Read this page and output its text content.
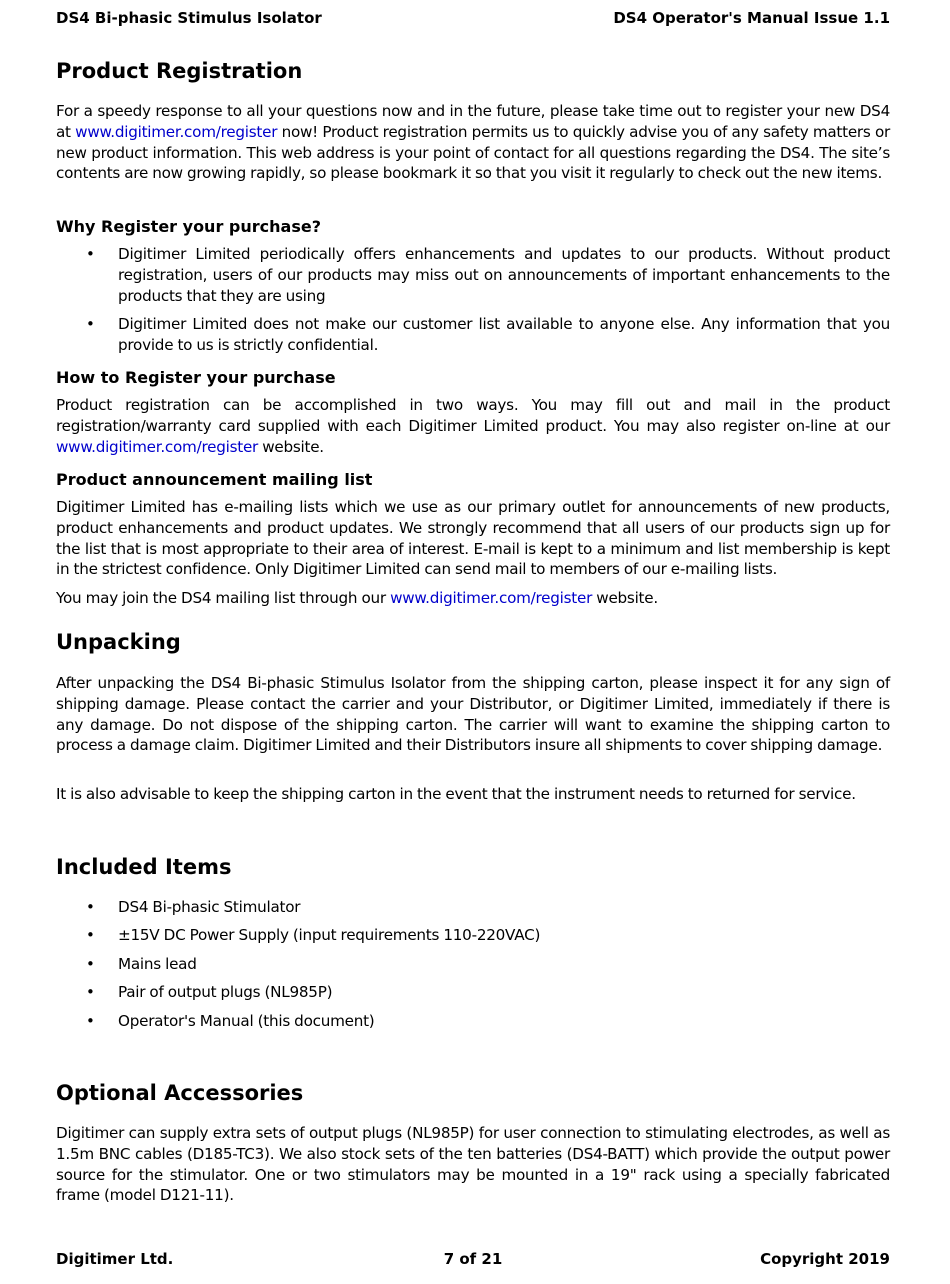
DS4 Bi-phasic Stimulus Isolator	DS4 Operator's Manual Issue 1.1
Product Registration

For a speedy response to all your questions now and in the future, please take time out to register your new DS4 at www.digitimer.com/register now! Product registration permits us to quickly advise you of any safety matters or new product information. This web address is your point of contact for all questions regarding the DS4. The site’s contents are now growing rapidly, so please bookmark it so that you visit it regularly to check out the new items.

Why Register your purchase?
• Digitimer Limited periodically offers enhancements and updates to our products. Without product registration, users of our products may miss out on announcements of important enhancements to the products that they are using
• Digitimer Limited does not make our customer list available to anyone else. Any information that you provide to us is strictly confidential.
How to Register your purchase

Product registration can be accomplished in two ways. You may fill out and mail in the product registration/warranty card supplied with each Digitimer Limited product. You may also register on-line at our www.digitimer.com/register website.

Product announcement mailing list

Digitimer Limited has e-mailing lists which we use as our primary outlet for announcements of new products, product enhancements and product updates. We strongly recommend that all users of our products sign up for the list that is most appropriate to their area of interest. E-mail is kept to a minimum and list membership is kept in the strictest confidence. Only Digitimer Limited can send mail to members of our e-mailing lists.

You may join the DS4 mailing list through our www.digitimer.com/register website.

Unpacking

After unpacking the DS4 Bi-phasic Stimulus Isolator from the shipping carton, please inspect it for any sign of shipping damage. Please contact the carrier and your Distributor, or Digitimer Limited, immediately if there is any damage. Do not dispose of the shipping carton. The carrier will want to examine the shipping carton to process a damage claim. Digitimer Limited and their Distributors insure all shipments to cover shipping damage.

It is also advisable to keep the shipping carton in the event that the instrument needs to returned for service.

Included Items
• DS4 Bi-phasic Stimulator
• ±15V DC Power Supply (input requirements 110-220VAC)
• Mains lead
• Pair of output plugs (NL985P)
• Operator's Manual (this document)
Optional Accessories

Digitimer can supply extra sets of output plugs (NL985P) for user connection to stimulating electrodes, as well as 1.5m BNC cables (D185-TC3). We also stock sets of the ten batteries (DS4-BATT) which provide the output power source for the stimulator. One or two stimulators may be mounted in a 19" rack using a specially fabricated frame (model D121-11).

Digitimer Ltd.	7 of 21	Copyright 2019
